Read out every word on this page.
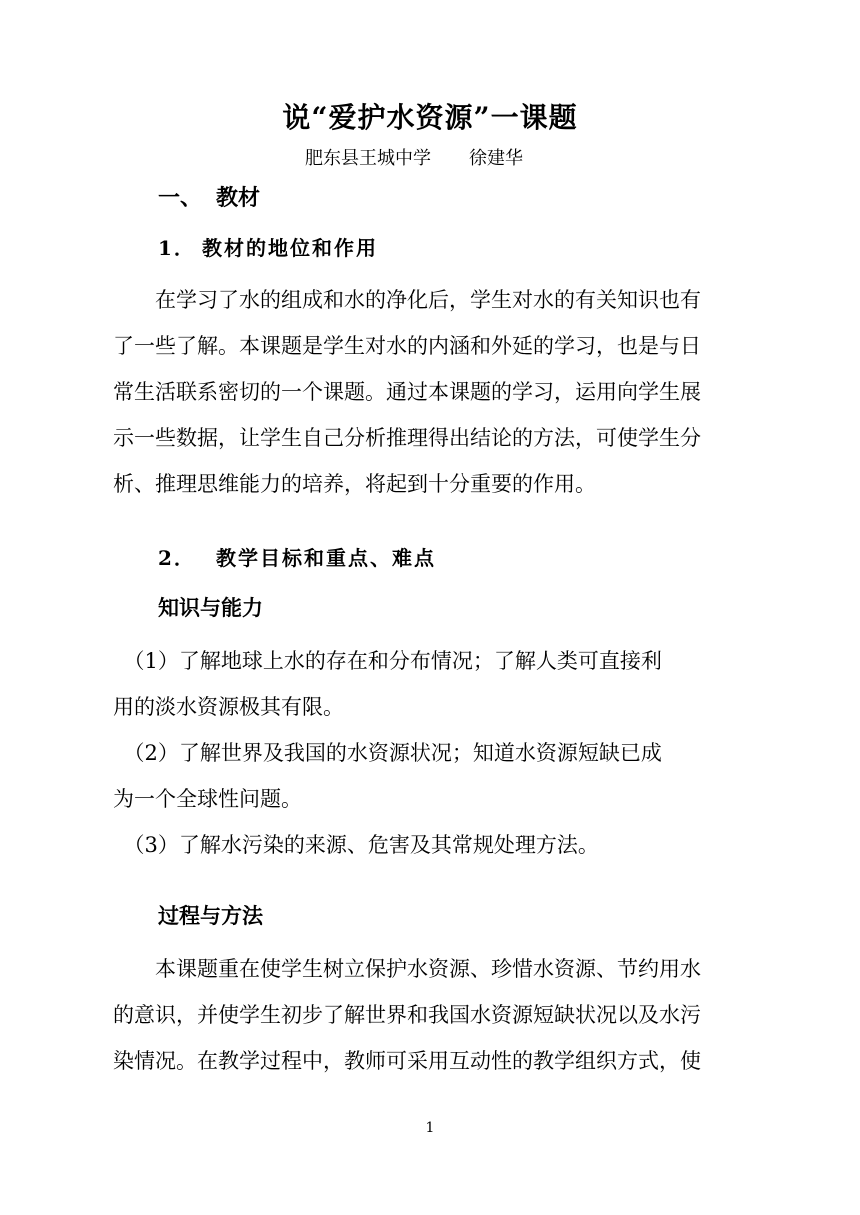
说“爱护水资源”一课题
肥东县王城中学 徐建华
一、 教材
1． 教材的地位和作用
　　在学习了水的组成和水的净化后，学生对水的有关知识也有
了一些了解。本课题是学生对水的内涵和外延的学习，也是与日
常生活联系密切的一个课题。通过本课题的学习，运用向学生展
示一些数据，让学生自己分析推理得出结论的方法，可使学生分
析、推理思维能力的培养，将起到十分重要的作用。
2． 教学目标和重点、难点
知识与能力
　（1）了解地球上水的存在和分布情况；了解人类可直接利
用的淡水资源极其有限。
　（2）了解世界及我国的水资源状况；知道水资源短缺已成
为一个全球性问题。
　（3）了解水污染的来源、危害及其常规处理方法。
过程与方法
　　本课题重在使学生树立保护水资源、珍惜水资源、节约用水
的意识，并使学生初步了解世界和我国水资源短缺状况以及水污
染情况。在教学过程中，教师可采用互动性的教学组织方式，使
1
